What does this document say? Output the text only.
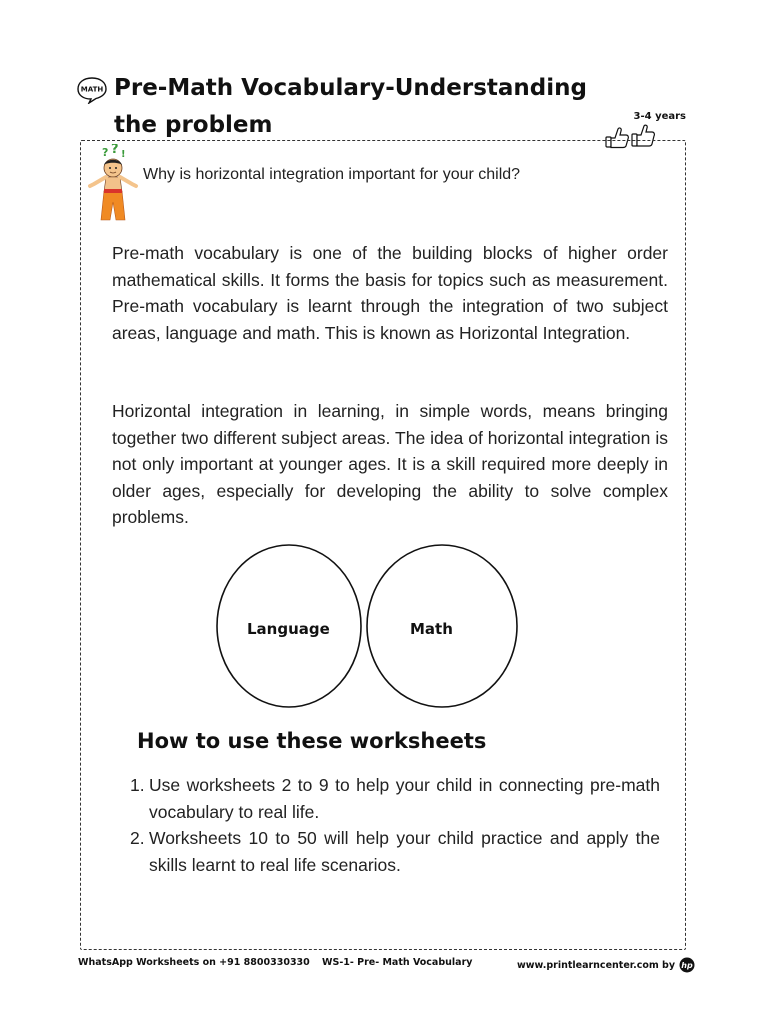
MATH Pre-Math Vocabulary-Understanding the problem	3-4 years
? ? !
Why is horizontal integration important for your child?

Pre-math vocabulary is one of the building blocks of higher order mathematical skills. It forms the basis for topics such as measurement. Pre-math vocabulary is learnt through the integration of two subject areas, language and math. This is known as Horizontal Integration.

Horizontal integration in learning, in simple words, means bringing together two different subject areas. The idea of horizontal integration is not only important at younger ages. It is a skill required more deeply in older ages, especially for developing the ability to solve complex problems.

Language	Math
How to use these worksheets
1. Use worksheets 2 to 9 to help your child in connecting pre-math vocabulary to real life.
2. Worksheets 10 to 50 will help your child practice and apply the skills learnt to real life scenarios.
WhatsApp Worksheets on +91 8800330330 WS-1- Pre- Math Vocabulary	www.printlearncenter.com by hp
